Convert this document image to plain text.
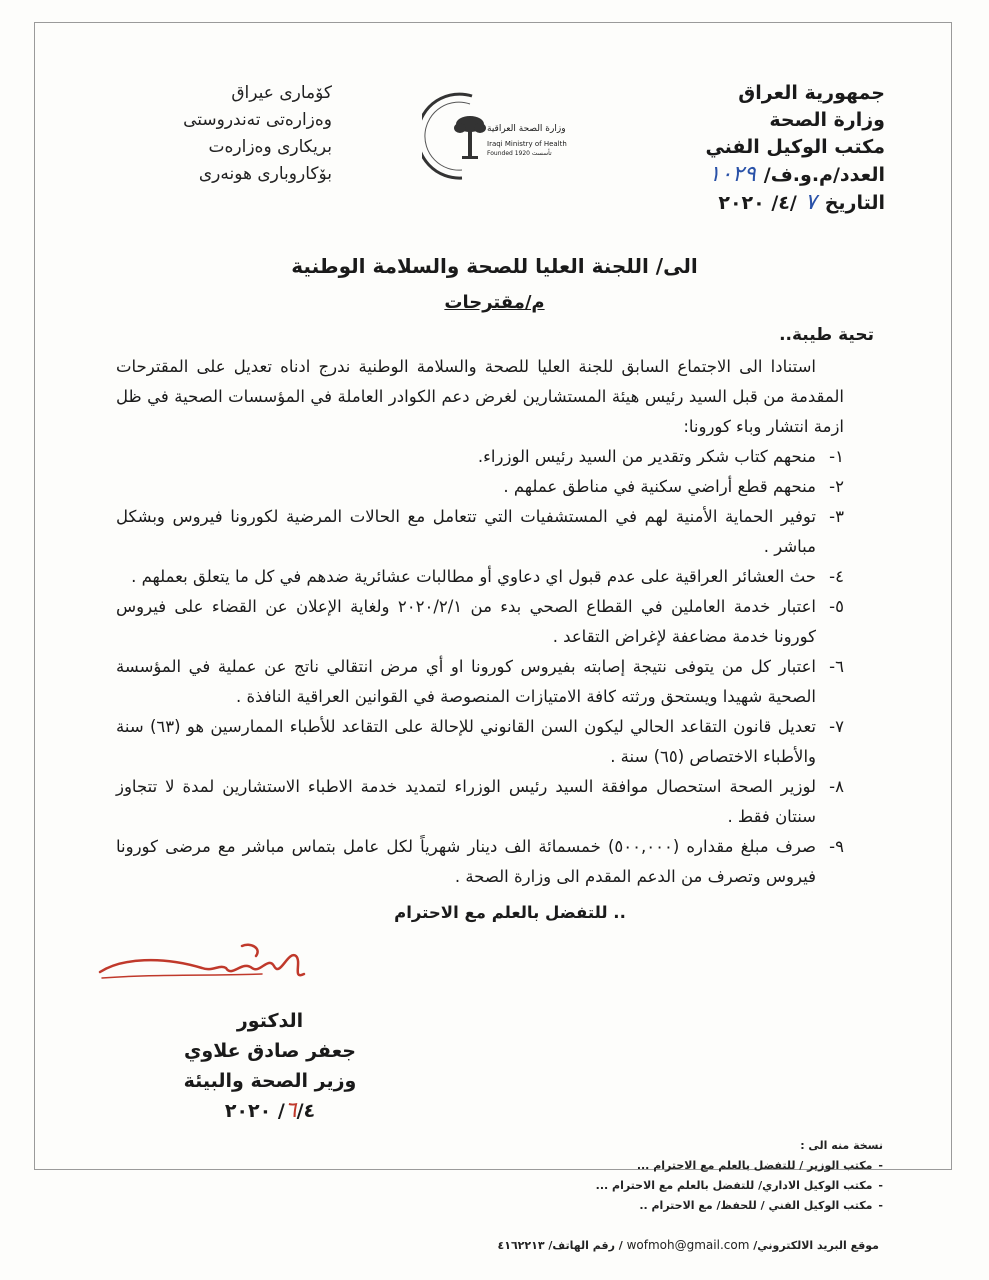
جمهورية العراق
وزارة الصحة
مكتب الوكيل الفني
العدد/م.و.ف/
١٠٢٩
التاريخ
٧
/٤/ ٢٠٢٠
كۆماری عیراق
وەزارەتی تەندروستی
بریکاری وەزارەت
بۆکاروباری هونەری
وزارة الصحة العراقية
Iraqi Ministry of Health
Founded 1920 تأسست
الى/ اللجنة العليا للصحة والسلامة الوطنية
م/مقترحات
تحية طيبة..

استنادا الى الاجتماع السابق للجنة العليا للصحة والسلامة الوطنية ندرج ادناه تعديل على المقترحات المقدمة من قبل السيد رئيس هيئة المستشارين لغرض دعم الكوادر العاملة في المؤسسات الصحية في ظل ازمة انتشار وباء كورونا:

١-
منحهم كتاب شكر وتقدير من السيد رئيس الوزراء.
٢-
منحهم قطع أراضي سكنية في مناطق عملهم .
٣-
توفير الحماية الأمنية لهم في المستشفيات التي تتعامل مع الحالات المرضية لكورونا فيروس وبشكل مباشر .
٤-
حث العشائر العراقية على عدم قبول اي دعاوي أو مطالبات عشائرية ضدهم في كل ما يتعلق بعملهم .
٥-
اعتبار خدمة العاملين في القطاع الصحي بدء من ٢٠٢٠/٢/١ ولغاية الإعلان عن القضاء على فيروس كورونا خدمة مضاعفة لإغراض التقاعد .
٦-
اعتبار كل من يتوفى نتيجة إصابته بفيروس كورونا او أي مرض انتقالي ناتج عن عملية في المؤسسة الصحية شهيدا ويستحق ورثته كافة الامتيازات المنصوصة في القوانين العراقية النافذة .
٧-
تعديل قانون التقاعد الحالي ليكون السن القانوني للإحالة على التقاعد للأطباء الممارسين هو (٦٣) سنة والأطباء الاختصاص (٦٥) سنة .
٨-
لوزير الصحة استحصال موافقة السيد رئيس الوزراء لتمديد خدمة الاطباء الاستشارين لمدة لا تتجاوز سنتان فقط .
٩-
صرف مبلغ مقداره (٥٠٠,٠٠٠) خمسمائة الف دينار شهرياً لكل عامل بتماس مباشر مع مرضى كورونا فيروس وتصرف من الدعم المقدم الى وزارة الصحة .
.. للتفضل بالعلم مع الاحترام
الدكتور
جعفر صادق علاوي
وزير الصحة والبيئة
٦/٤/ ٢٠٢٠
نسخة منه الى :
-
مكتب الوزير / للتفضل بالعلم مع الاحترام ...
-
مكتب الوكيل الاداري/ للتفضل بالعلم مع الاحترام ...
-
مكتب الوكيل الفني / للحفظ/ مع الاحترام ..
موقع البريد الالكتروني/ wofmoh@gmail.com / رقم الهاتف/ ٤١٦٢٢١٣
